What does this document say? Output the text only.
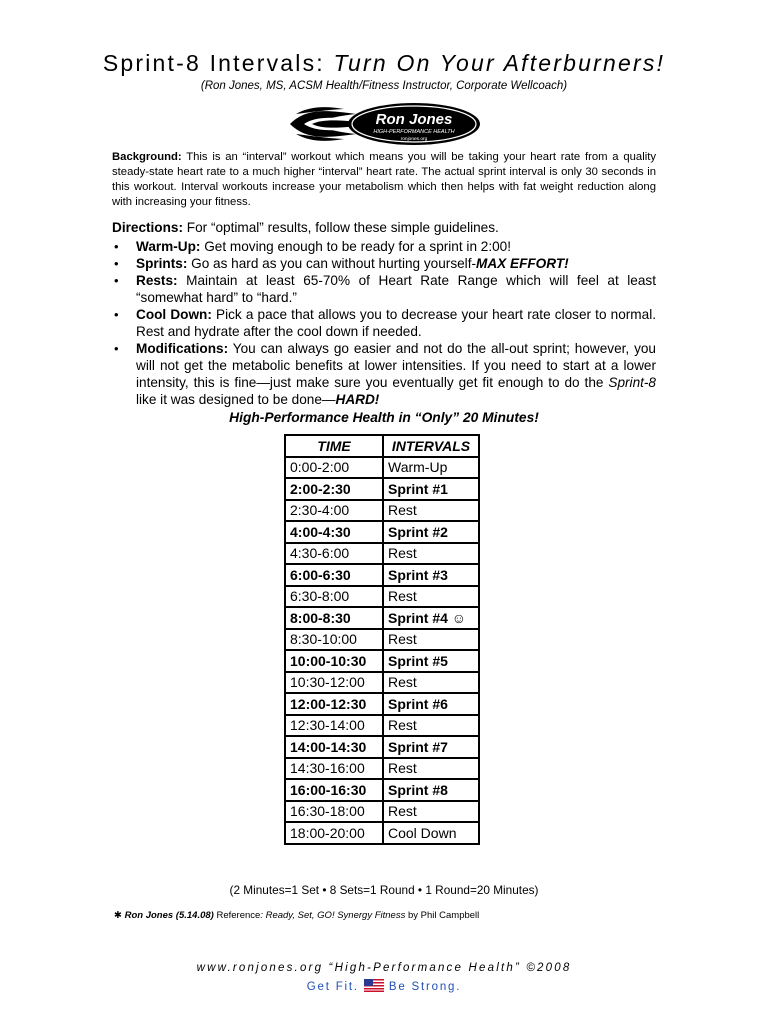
Sprint-8 Intervals: Turn On Your Afterburners!
(Ron Jones, MS, ACSM Health/Fitness Instructor, Corporate Wellcoach)
Ron Jones
HIGH-PERFORMANCE HEALTH
ronjones.org
Background: This is an “interval” workout which means you will be taking your heart rate from a quality steady-state heart rate to a much higher “interval” heart rate. The actual sprint interval is only 30 seconds in this workout. Interval workouts increase your metabolism which then helps with fat weight reduction along with increasing your fitness.
Directions: For “optimal” results, follow these simple guidelines.
• Warm-Up: Get moving enough to be ready for a sprint in 2:00!
• Sprints: Go as hard as you can without hurting yourself-MAX EFFORT!
• Rests: Maintain at least 65-70% of Heart Rate Range which will feel at least “somewhat hard” to “hard.”
• Cool Down: Pick a pace that allows you to decrease your heart rate closer to normal. Rest and hydrate after the cool down if needed.
• Modifications: You can always go easier and not do the all-out sprint; however, you will not get the metabolic benefits at lower intensities. If you need to start at a lower intensity, this is fine—just make sure you eventually get fit enough to do the Sprint-8 like it was designed to be done—HARD!
High-Performance Health in “Only” 20 Minutes!
TIME	INTERVALS
0:00-2:00	Warm-Up
2:00-2:30	Sprint #1
2:30-4:00	Rest
4:00-4:30	Sprint #2
4:30-6:00	Rest
6:00-6:30	Sprint #3
6:30-8:00	Rest
8:00-8:30	Sprint #4 ☺
8:30-10:00	Rest
10:00-10:30	Sprint #5
10:30-12:00	Rest
12:00-12:30	Sprint #6
12:30-14:00	Rest
14:00-14:30	Sprint #7
14:30-16:00	Rest
16:00-16:30	Sprint #8
16:30-18:00	Rest
18:00-20:00	Cool Down
(2 Minutes=1 Set • 8 Sets=1 Round • 1 Round=20 Minutes)
✱ Ron Jones (5.14.08) Reference: Ready, Set, GO! Synergy Fitness by Phil Campbell
www.ronjones.org “High-Performance Health” ©2008
Get Fit.	Be Strong.
